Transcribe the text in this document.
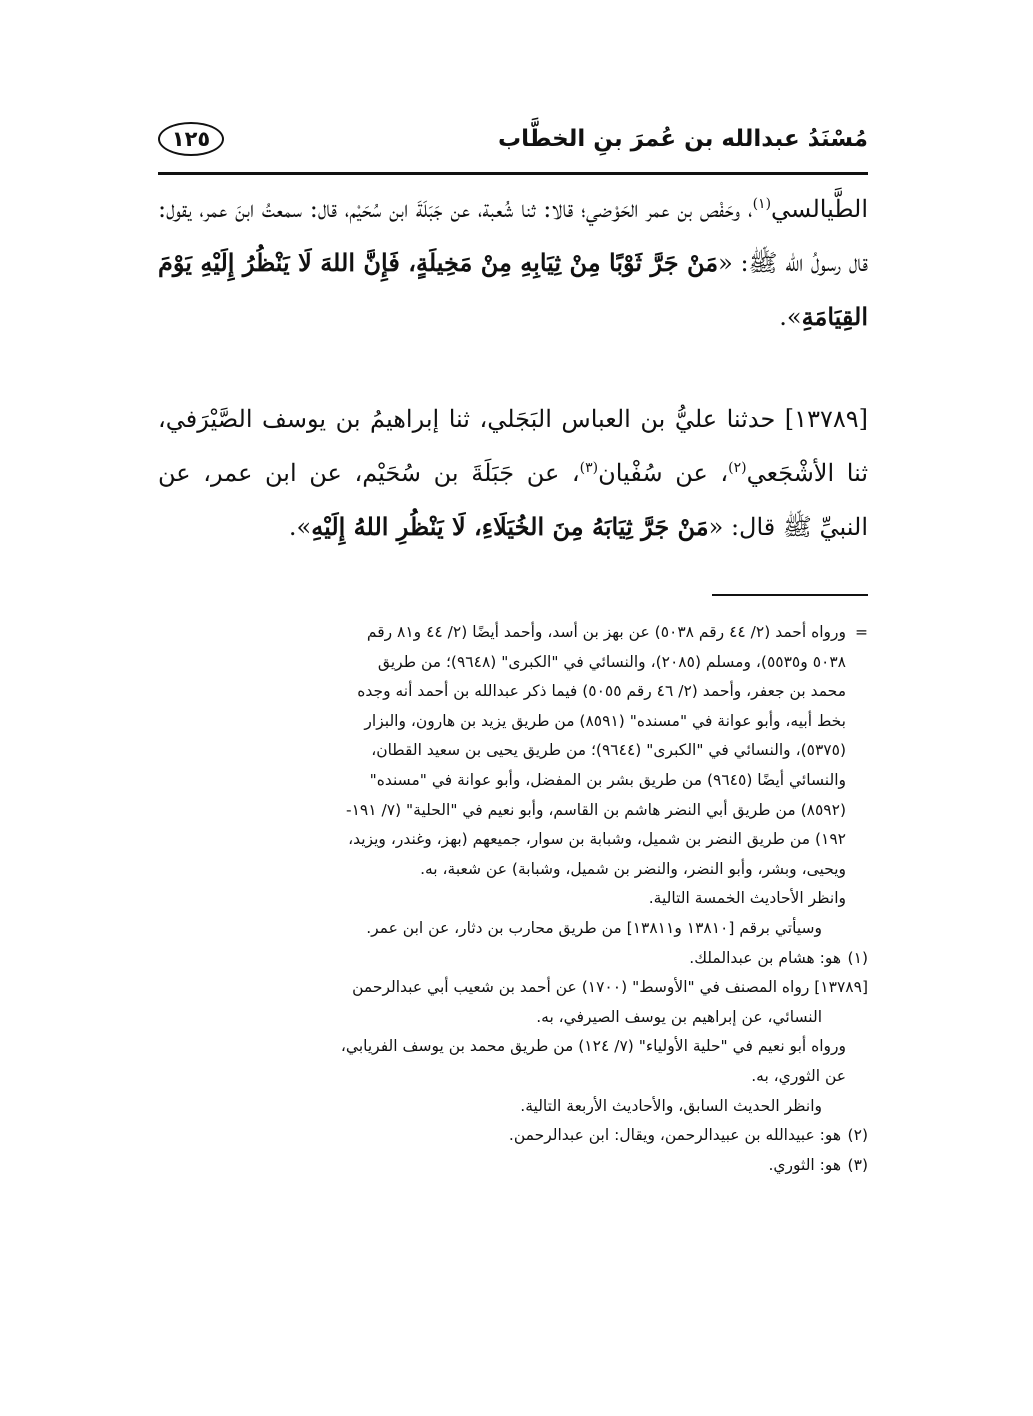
مُسْنَدُ عبدالله بن عُمرَ بنِ الخطَّاب
١٢٥

الطَّيالسي$^{(١)}$، وحَفْص بن عمر الحَوْضي؛ قالا: ثنا شُعبة، عن جَبَلَةَ ابن سُحَيْم، قال: سمعتُ ابنَ عمر، يقول: قال رسولُ الله ﷺ: «مَنْ جَرَّ ثَوْبًا مِنْ ثِيَابِهِ مِنْ مَخِيلَةٍ، فَإِنَّ اللهَ لَا يَنْظُرُ إِلَيْهِ يَوْمَ القِيَامَةِ».

[١٣٧٨٩] حدثنا عليُّ بن العباس البَجَلي، ثنا إبراهيمُ بن يوسف الصَّيْرَفي، ثنا الأشْجَعي$^{(٢)}$، عن سُفْيان$^{(٣)}$، عن جَبَلَةَ بن سُحَيْم، عن ابن عمر، عن النبيِّ ﷺ قال: «مَنْ جَرَّ ثِيَابَهُ مِنَ الخُيَلَاءِ، لَا يَنْظُرِ اللهُ إِلَيْهِ».

=ورواه أحمد (٢/ ٤٤ رقم ٥٠٣٨) عن بهز بن أسد، وأحمد أيضًا (٢/ ٤٤ و٨١ رقم
٥٠٣٨ و٥٥٣٥)، ومسلم (٢٠٨٥)، والنسائي في "الكبرى" (٩٦٤٨)؛ من طريق
محمد بن جعفر، وأحمد (٢/ ٤٦ رقم ٥٠٥٥) فيما ذكر عبدالله بن أحمد أنه وجده
بخط أبيه، وأبو عوانة في "مسنده" (٨٥٩١) من طريق يزيد بن هارون، والبزار
(٥٣٧٥)، والنسائي في "الكبرى" (٩٦٤٤)؛ من طريق يحيى بن سعيد القطان،
والنسائي أيضًا (٩٦٤٥) من طريق بشر بن المفضل، وأبو عوانة في "مسنده"
(٨٥٩٢) من طريق أبي النضر هاشم بن القاسم، وأبو نعيم في "الحلية" (٧/ ١٩١-
١٩٢) من طريق النضر بن شميل، وشبابة بن سوار، جميعهم (بهز، وغندر، ويزيد،
ويحيى، وبشر، وأبو النضر، والنضر بن شميل، وشبابة) عن شعبة، به.
وانظر الأحاديث الخمسة التالية.
وسيأتي برقم [١٣٨١٠ و١٣٨١١] من طريق محارب بن دثار، عن ابن عمر.
(١) هو: هشام بن عبدالملك.
[١٣٧٨٩] رواه المصنف في "الأوسط" (١٧٠٠) عن أحمد بن شعيب أبي عبدالرحمن
النسائي، عن إبراهيم بن يوسف الصيرفي، به.
ورواه أبو نعيم في "حلية الأولياء" (٧/ ١٢٤) من طريق محمد بن يوسف الفريابي،
عن الثوري، به.
وانظر الحديث السابق، والأحاديث الأربعة التالية.
(٢) هو: عبيدالله بن عبيدالرحمن، ويقال: ابن عبدالرحمن.
(٣) هو: الثوري.
